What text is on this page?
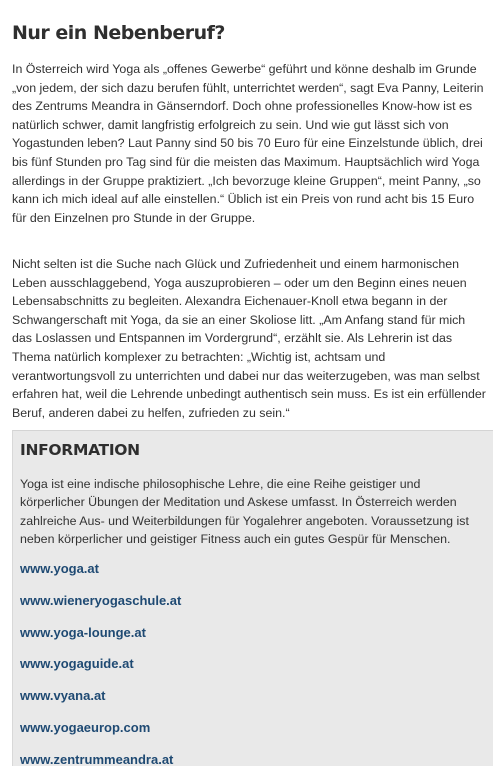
Nur ein Nebenberuf?

In Österreich wird Yoga als „offenes Gewerbe“ geführt und könne deshalb im Grunde „von jedem, der sich dazu berufen fühlt, unterrichtet werden“, sagt Eva Panny, Leiterin des Zentrums Meandra in Gänserndorf. Doch ohne professionelles Know-how ist es natürlich schwer, damit langfristig erfolgreich zu sein. Und wie gut lässt sich von Yogastunden leben? Laut Panny sind 50 bis 70 Euro für eine Einzelstunde üblich, drei bis fünf Stunden pro Tag sind für die meisten das Maximum. Hauptsächlich wird Yoga allerdings in der Gruppe praktiziert. „Ich bevorzuge kleine Gruppen“, meint Panny, „so kann ich mich ideal auf alle einstellen.“ Üblich ist ein Preis von rund acht bis 15 Euro für den Einzelnen pro Stunde in der Gruppe.

Nicht selten ist die Suche nach Glück und Zufriedenheit und einem harmonischen Leben ausschlaggebend, Yoga auszuprobieren – oder um den Beginn eines neuen Lebensabschnitts zu begleiten. Alexandra Eichenauer-Knoll etwa begann in der Schwangerschaft mit Yoga, da sie an einer Skoliose litt. „Am Anfang stand für mich das Loslassen und Entspannen im Vordergrund“, erzählt sie. Als Lehrerin ist das Thema natürlich komplexer zu betrachten: „Wichtig ist, achtsam und verantwortungsvoll zu unterrichten und dabei nur das weiterzugeben, was man selbst erfahren hat, weil die Lehrende unbedingt authentisch sein muss. Es ist ein erfüllender Beruf, anderen dabei zu helfen, zufrieden zu sein.“

INFORMATION

Yoga ist eine indische philosophische Lehre, die eine Reihe geistiger und körperlicher Übungen der Meditation und Askese umfasst. In Österreich werden zahlreiche Aus- und Weiterbildungen für Yogalehrer angeboten. Voraussetzung ist neben körperlicher und geistiger Fitness auch ein gutes Gespür für Menschen.

www.yoga.at
www.wieneryogaschule.at
www.yoga-lounge.at
www.yogaguide.at
www.vyana.at
www.yogaeurop.com
www.zentrummeandra.at
